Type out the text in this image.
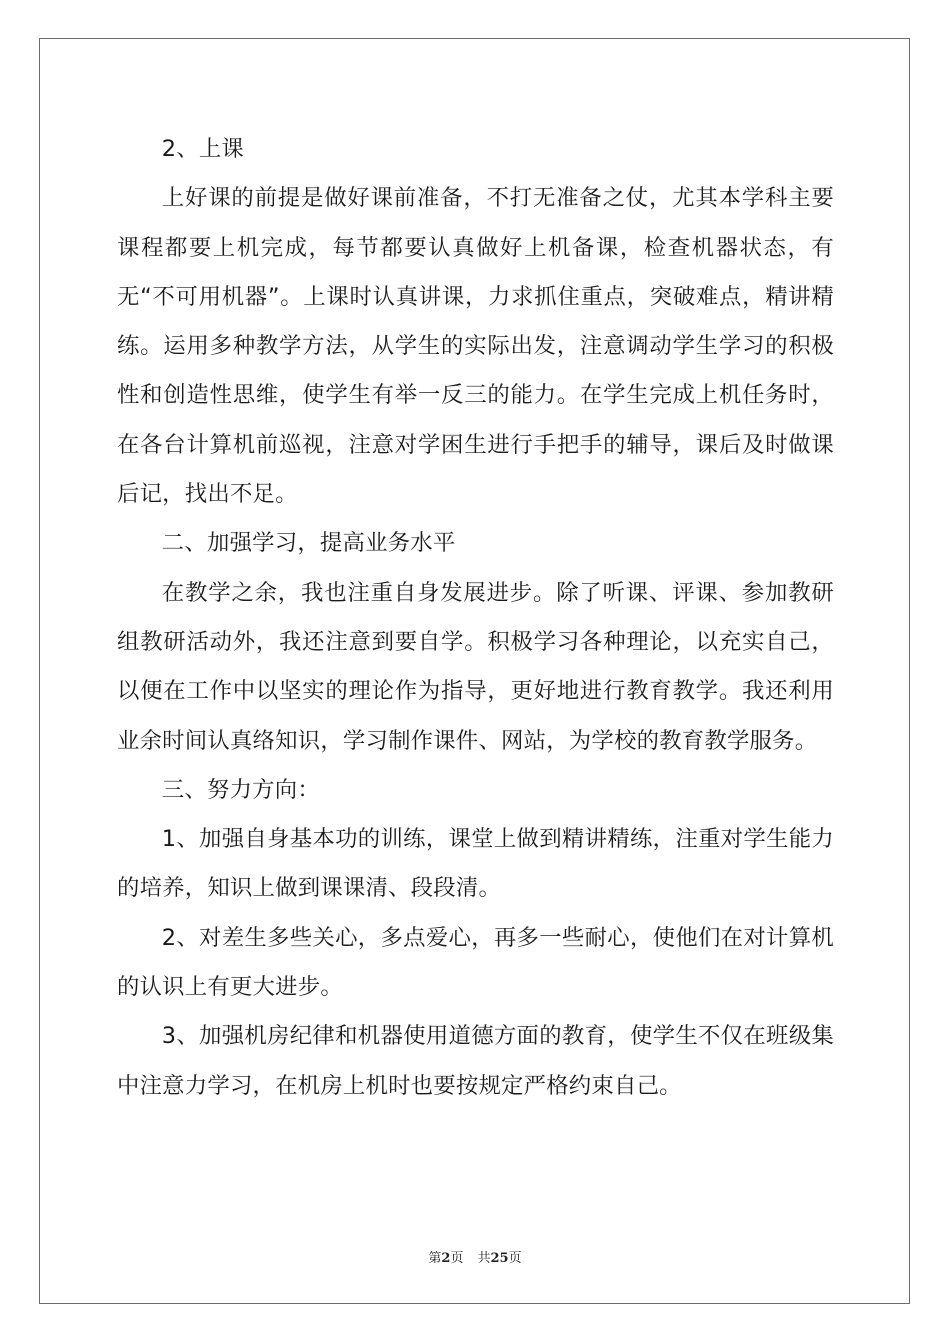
2、上课

上好课的前提是做好课前准备，不打无准备之仗，尤其本学科主要课程都要上机完成，每节都要认真做好上机备课，检查机器状态，有无“不可用机器”。上课时认真讲课，力求抓住重点，突破难点，精讲精练。运用多种教学方法，从学生的实际出发，注意调动学生学习的积极性和创造性思维，使学生有举一反三的能力。在学生完成上机任务时，在各台计算机前巡视，注意对学困生进行手把手的辅导，课后及时做课后记，找出不足。

二、加强学习，提高业务水平

在教学之余，我也注重自身发展进步。除了听课、评课、参加教研组教研活动外，我还注意到要自学。积极学习各种理论，以充实自己，以便在工作中以坚实的理论作为指导，更好地进行教育教学。我还利用业余时间认真络知识，学习制作课件、网站，为学校的教育教学服务。

三、努力方向：

1、加强自身基本功的训练，课堂上做到精讲精练，注重对学生能力的培养，知识上做到课课清、段段清。

2、对差生多些关心，多点爱心，再多一些耐心，使他们在对计算机的认识上有更大进步。

3、加强机房纪律和机器使用道德方面的教育，使学生不仅在班级集中注意力学习，在机房上机时也要按规定严格约束自己。

第2页 共25页
